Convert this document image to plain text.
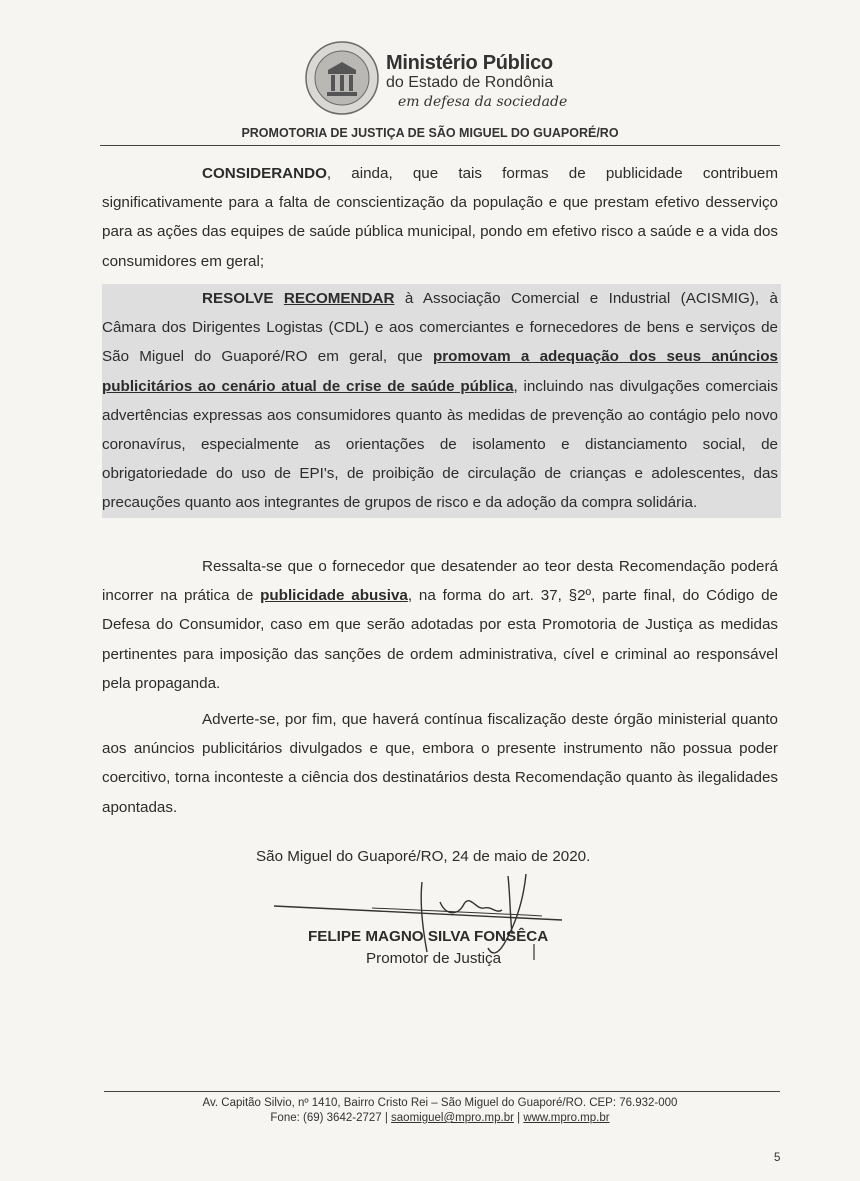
Ministério Público
do Estado de Rondônia
em defesa da sociedade
PROMOTORIA DE JUSTIÇA DE SÃO MIGUEL DO GUAPORÉ/RO
CONSIDERANDO, ainda, que tais formas de publicidade contribuem significativamente para a falta de conscientização da população e que prestam efetivo desserviço para as ações das equipes de saúde pública municipal, pondo em efetivo risco a saúde e a vida dos consumidores em geral;
RESOLVE RECOMENDAR à Associação Comercial e Industrial (ACISMIG), à Câmara dos Dirigentes Logistas (CDL) e aos comerciantes e fornecedores de bens e serviços de São Miguel do Guaporé/RO em geral, que promovam a adequação dos seus anúncios publicitários ao cenário atual de crise de saúde pública, incluindo nas divulgações comerciais advertências expressas aos consumidores quanto às medidas de prevenção ao contágio pelo novo coronavírus, especialmente as orientações de isolamento e distanciamento social, de obrigatoriedade do uso de EPI's, de proibição de circulação de crianças e adolescentes, das precauções quanto aos integrantes de grupos de risco e da adoção da compra solidária.
Ressalta-se que o fornecedor que desatender ao teor desta Recomendação poderá incorrer na prática de publicidade abusiva, na forma do art. 37, §2º, parte final, do Código de Defesa do Consumidor, caso em que serão adotadas por esta Promotoria de Justiça as medidas pertinentes para imposição das sanções de ordem administrativa, cível e criminal ao responsável pela propaganda.
Adverte-se, por fim, que haverá contínua fiscalização deste órgão ministerial quanto aos anúncios publicitários divulgados e que, embora o presente instrumento não possua poder coercitivo, torna inconteste a ciência dos destinatários desta Recomendação quanto às ilegalidades apontadas.
São Miguel do Guaporé/RO, 24 de maio de 2020.
FELIPE MAGNO SILVA FONSÊCA
Promotor de Justiça
Av. Capitão Silvio, nº 1410, Bairro Cristo Rei – São Miguel do Guaporé/RO. CEP: 76.932-000
Fone: (69) 3642-2727 | saomiguel@mpro.mp.br | www.mpro.mp.br
5
